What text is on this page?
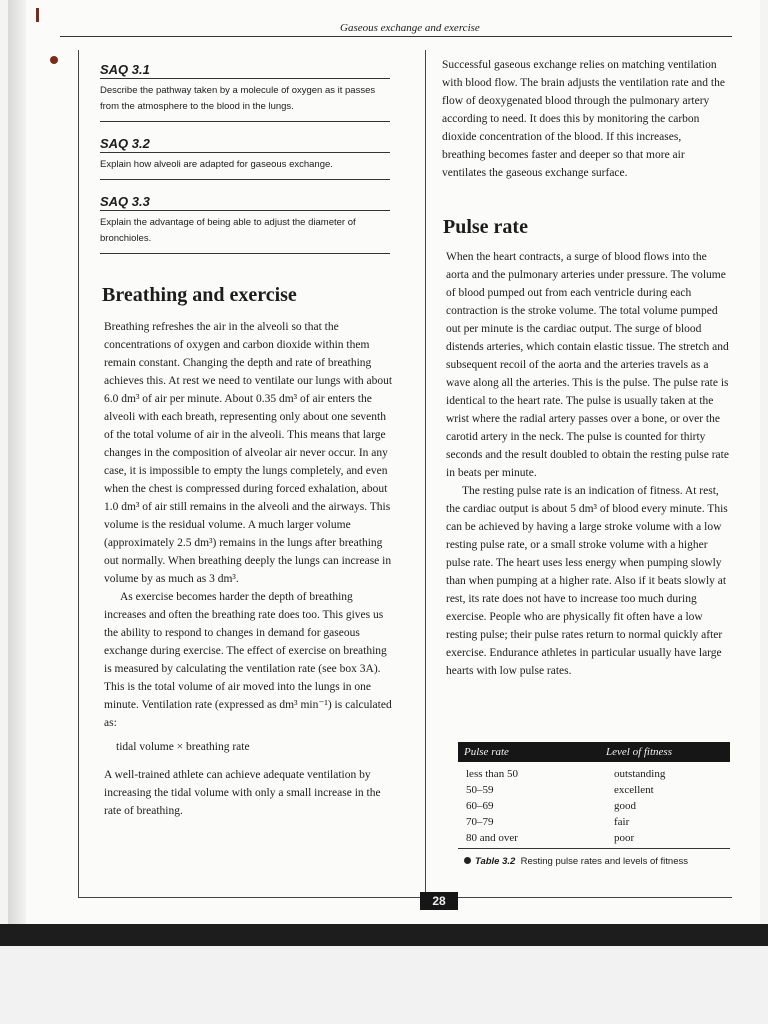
Gaseous exchange and exercise
SAQ 3.1
Describe the pathway taken by a molecule of oxygen as it passes from the atmosphere to the blood in the lungs.
SAQ 3.2
Explain how alveoli are adapted for gaseous exchange.
SAQ 3.3
Explain the advantage of being able to adjust the diameter of bronchioles.
Breathing and exercise

Breathing refreshes the air in the alveoli so that the concentrations of oxygen and carbon dioxide within them remain constant. Changing the depth and rate of breathing achieves this. At rest we need to ventilate our lungs with about 6.0 dm³ of air per minute. About 0.35 dm³ of air enters the alveoli with each breath, representing only about one seventh of the total volume of air in the alveoli. This means that large changes in the composition of alveolar air never occur. In any case, it is impossible to empty the lungs completely, and even when the chest is compressed during forced exhalation, about 1.0 dm³ of air still remains in the alveoli and the airways. This volume is the residual volume. A much larger volume (approximately 2.5 dm³) remains in the lungs after breathing out normally. When breathing deeply the lungs can increase in volume by as much as 3 dm³.

As exercise becomes harder the depth of breathing increases and often the breathing rate does too. This gives us the ability to respond to changes in demand for gaseous exchange during exercise. The effect of exercise on breathing is measured by calculating the ventilation rate (see box 3A). This is the total volume of air moved into the lungs in one minute. Ventilation rate (expressed as dm³ min⁻¹) is calculated as:

tidal volume × breathing rate

A well-trained athlete can achieve adequate ventilation by increasing the tidal volume with only a small increase in the rate of breathing.

Successful gaseous exchange relies on matching ventilation with blood flow. The brain adjusts the ventilation rate and the flow of deoxygenated blood through the pulmonary artery according to need. It does this by monitoring the carbon dioxide concentration of the blood. If this increases, breathing becomes faster and deeper so that more air ventilates the gaseous exchange surface.

Pulse rate

When the heart contracts, a surge of blood flows into the aorta and the pulmonary arteries under pressure. The volume of blood pumped out from each ventricle during each contraction is the stroke volume. The total volume pumped out per minute is the cardiac output. The surge of blood distends arteries, which contain elastic tissue. The stretch and subsequent recoil of the aorta and the arteries travels as a wave along all the arteries. This is the pulse. The pulse rate is identical to the heart rate. The pulse is usually taken at the wrist where the radial artery passes over a bone, or over the carotid artery in the neck. The pulse is counted for thirty seconds and the result doubled to obtain the resting pulse rate in beats per minute.

The resting pulse rate is an indication of fitness. At rest, the cardiac output is about 5 dm³ of blood every minute. This can be achieved by having a large stroke volume with a low resting pulse rate, or a small stroke volume with a higher pulse rate. The heart uses less energy when pumping slowly than when pumping at a higher rate. Also if it beats slowly at rest, its rate does not have to increase too much during exercise. People who are physically fit often have a low resting pulse; their pulse rates return to normal quickly after exercise. Endurance athletes in particular usually have large hearts with low pulse rates.

Pulse rate	Level of fitness
less than 50	outstanding
50–59	excellent
60–69	good
70–79	fair
80 and over	poor
Table 3.2 Resting pulse rates and levels of fitness
28
